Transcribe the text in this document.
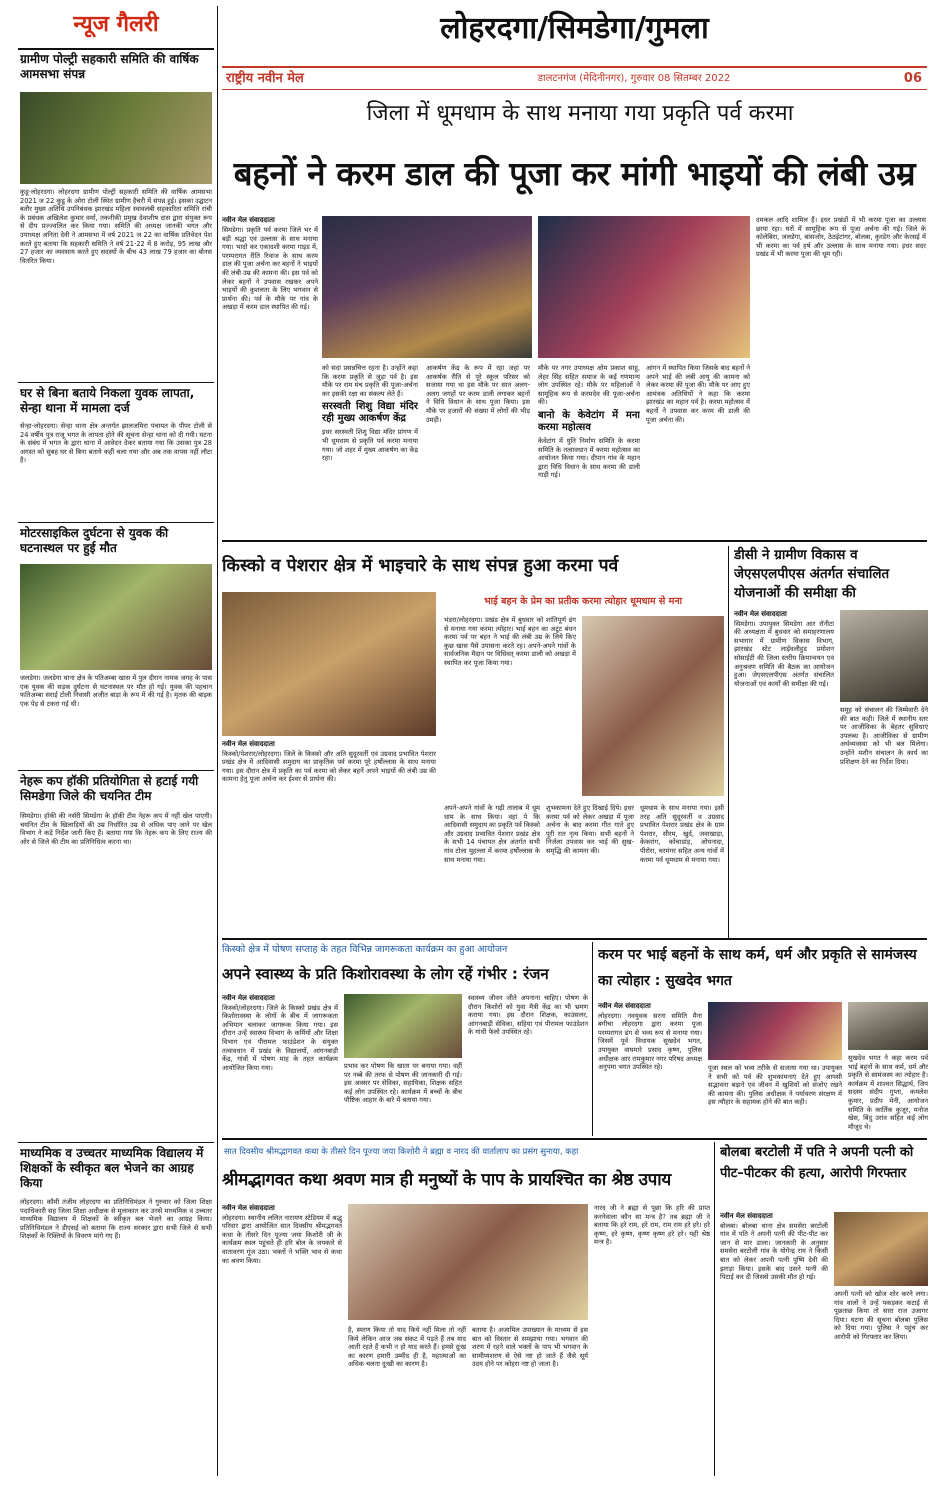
न्यूज गैलरी
ग्रामीण पोल्ट्री सहकारी समिति की वार्षिक आमसभा संपन्न
कुडू-लोहरदगा। लोहरदगा ग्रामीण पोल्ट्री सहकारी समिति की वार्षिक आमसभा 2021 ज 22 कुडू के ओरा टोली स्थित ग्रामीण हैचरी में संपन्न हुई। इसका उद्घाटन बतौर मुख्य अतिथि उपनिबंधक झारखंड महिला स्वावलंबी सहकारिता समिति रांची के प्रबंधक अखिलेश कुमार वर्मा, तकनीकी प्रमुख देवाशीष दास द्वारा संयुक्त रूप से दीप प्रज्ज्वलित कर किया गया। समिति की अध्यक्ष जानकी भगत और उपाध्यक्ष अनिता देवी ने आमसभा में वर्ष 2021 ज 22 का वार्षिक प्रतिवेदन पेश करते हुए बताया कि सहकारी समिति ने वर्ष 21-22 में 8 करोड़, 95 लाख और 27 हजार का व्यवसाय करते हुए सदस्यों के बीच 43 लाख 79 हजार का बोनस वितरित किया।
घर से बिना बताये निकला युवक लापता, सेन्हा थाना में मामला दर्ज
सेन्हा-लोहरदगा। सेन्हा थाना क्षेत्र अन्तर्गत झालजमिरा पंचायत के पीपर टोली से 24 वर्षीय पुत्र राजू भगत के लापता होने की सूचना सेन्हा थाना को दी गयी। घटना के संबंध में भगत के द्वारा थाना में आवेदन देकर बताया गया कि उसका पुत्र 28 अगस्त को सुबह घर से बिना बताये कहीं चला गया और अब तक वापस नहीं लौटा है।
मोटरसाइकिल दुर्घटना से युवक की घटनास्थल पर हुई मौत
जलडेगा। जलडेगा थाना क्षेत्र के पतिअम्बा खास में पुल दीरान नामक जगह के पास एक युवक की सड़क दुर्घटना से घटनास्थल पर मौत हो गई। युवक की पहचान फतिअम्बा सराई टोली निवासी अजीत बाड़ा के रूप में की गई है। मृतक की बाइक एक पेड़ से टकरा गई थी।
नेहरू कप हॉकी प्रतियोगिता से हटाई गयी सिमडेगा जिले की चयनित टीम
सिमडेगा। हॉकी की नर्सरी सिमडेगा के हॉकी टीम नेहरू कप में नहीं खेल पाएगी। चयनित टीम के खिलाड़ियों की उम्र निर्धारित उम्र से अधिक पाए जाने पर खेल विभाग ने कड़े निर्देश जारी किए हैं। बताया गया कि नेहरू कप के लिए राज्य की ओर से जिले की टीम का प्रतिनिधित्व करना था।
माध्यमिक व उच्चतर माध्यमिक विद्यालय में शिक्षकों के स्वीकृत बल भेजने का आग्रह किया
लोहरदगा। कौमी तंजीम लोहरदगा का प्रतिनिधिमंडल ने गुरुवार को जिला शिक्षा पदाधिकारी सह जिला शिक्षा अधीक्षक से मुलाकात कर उनसे माध्यमिक व उच्चतर माध्यमिक विद्यालय में शिक्षकों के स्वीकृत बल भेजने का आग्रह किया। प्रतिनिधिमंडल ने डीएसई को बताया कि राज्य सरकार द्वारा सभी जिले से सभी शिक्षकों के रिक्तियों के विवरण मांगे गए हैं।
लोहरदगा/सिमडेगा/गुमला
राष्ट्रीय नवीन मेल	डालटनगंज (मेदिनीनगर), गुरुवार 08 सितम्बर 2022	06
जिला में धूमधाम के साथ मनाया गया प्रकृति पर्व करमा
बहनों ने करम डाल की पूजा कर मांगी भाइयों की लंबी उम्र
नवीन मेल संवाददाता
सिमडेगा। प्रकृति पर्व करमा जिले भर में बड़ी श्रद्धा एवं उल्लास के साथ मनाया गया। भादो कर एकादशी करमा गाइड में, परम्परागत रीति रिवाज के साथ करम डाल की पूजा अर्चना कर बहनों ने भाइयों की लंबी उम्र की कामना की। इस पर्व को लेकर बहनों ने उपवास रखकर अपने भाइयों की कुशलता के लिए भगवान से प्रार्थना की। पर्व के मौके पर गांव के अखड़ा में करम डाल स्थापित की गई।

को सदा प्रसन्नचित्त रहना है। उन्होंने कहा कि करमा प्रकृति से जुड़ा पर्व है। इस मौके पर राम मंच प्रकृति की पूजा-अर्चना कर इसकी रक्षा का संकल्प लेते हैं।

सरस्वती शिशु विद्या मंदिर रही मुख्य आकर्षण केंद्र

इधर सरस्वती शिशु विद्या मंदिर प्रांगण में भी धूमधाम से प्रकृति पर्व करमा मनाया गया। जो शहर में मुख्य आकर्षण का केंद्र रहा।

आकर्षण केंद्र के रूप में रहा जहां पर आकर्षक रीति से पूरे स्कूल परिसर को सजाया गया था इस मौके पर सात अलग-अलग जगहों पर करम डाली लगाकर बहनों ने विधि विधान के साथ पूजा किया। इस मौके पर हजारों की संख्या में लोगों की भीड़ उमड़ी।

मौके पर नगर उपाध्यक्ष ओम प्रकाश साहू, लेहर सिंह सहित समाज के कई गणमान्य लोग उपस्थित रहे। मौके पर महिलाओं ने सामूहिक रूप से करमदेव की पूजा-अर्चना की।

बानो के केवेटांग में मना करमा महोत्सव

केवेटांग में युति निर्माण समिति के करमा समिति के तत्वावधान में करमा महोत्सव का आयोजन किया गया। दीपान गांव के महान द्वारा विधि विधान के साथ करमा की डाली गाड़ी गई।

आंगन में स्थापित किया जिसके बाद बहनों ने अपने भाई की लंबी आयु की कामना को लेकर करमा की पूजा की। मौके पर आए हुए आमंत्रक अतिथियों ने कहा कि करमा झारखंड का महान पर्व है। करमा महोत्सव में बहनों ने उपवास कर करम की डाली की पूजा अर्चना की।
दमकल आदि शामिल हैं। इधर प्रखंडों में भी करमा पूजा का उल्लास छाया रहा। घरों में सामूहिक रूप से पूजा अर्चना की गई। जिले के कोलेबिरा, जलडेगा, बांसजोर, ठेठईटांगर, बोलबा, कुरडेग और केरसई में भी करमा का पर्व हर्ष और उल्लास के साथ मनाया गया। इधर सदर प्रखंड में भी करमा पूजा की धूम रही।
किस्को व पेशरार क्षेत्र में भाइचारे के साथ संपन्न हुआ करमा पर्व
भाई बहन के प्रेम का प्रतीक करमा त्योहार धूमधाम से मना
नवीन मेल संवाददाता
किस्को/पेशरार/लोहरदगा। जिले के किस्को और अति सुदूरवर्ती एवं उग्रवाद प्रभावित पेशरार प्रखंड क्षेत्र में आदिवासी समुदाय का प्राकृतिक पर्व करमा पूरे हर्षोल्लास के साथ मनाया गया। इस दौरान क्षेत्र में प्रकृति का पर्व करमा को लेकर बहनें अपने भाइयों की लंबी उम्र की कामना हेतु पूजा अर्चना कर ईश्वर से प्रार्थना की।
भंडरा/लोहरदगा। प्रखंड क्षेत्र में बुधवार को शांतिपूर्ण ढंग से मनाया गया करमा त्योहार। भाई बहन का अटूट बंधन करमा पर्व पर बहन ने भाई की लंबी उम्र के लिये किए कुछ खास पैसे उपासना करते रह। अपने-अपने गांवों के सार्वजनिक मैदान पर विधिवत् करमा डाली को अखड़ा में स्थापित कर पूजा किया गया।
अपने-अपने गांवों के गढ़ी तालाब में धूम धाम के साथ किया। वहां पे कि आदिवासी समुदाय का प्रकृति पर्व किस्को और उग्रवाद प्रभावित पेशरार प्रखंड क्षेत्र के सभी 14 पंचायत क्षेत्र अंतर्गत सभी गांव टोला मुहल्ला में करमा हर्षोल्लास के साथ मनाया गया।
शुभकामना देते हुए दिखाई दिये। इधर करमा पर्व को लेकर अखड़ा में पूजा अर्चना के बाद करमा गीत गाते हुए पूरी रात नृत्य किया। सभी बहनों ने निर्जला उपवास कर भाई की सुख-समृद्धि की कामना की।
धूमधाम के साथ मनाया गया। इसी तरह अति सुदूरवर्ती व उग्रवाद प्रभावित पेशरार प्रखंड क्षेत्र के ग्राम पेशरार, सीरम, खुर्द, जवाखाड़ा, केकरांग, कोचाडांड़, ओयनादा, पीरोरा, चरमंगर सहित अन्य गांवों में करमा पर्व धूमधाम से मनाया गया।
डीसी ने ग्रामीण विकास व जेएसएलपीएस अंतर्गत संचालित योजनाओं की समीक्षा की
नवीन मेल संवाददाता
सिमडेगा। उपायुक्त सिमडेगा आर रॉनीटा की अध्यक्षता में बुधवार को समाहरणालय सभागार में ग्रामीण विकास विभाग, झारखंड स्टेट लाईवलीहुड प्रमोशन सोसाईटी की जिला स्तरीय क्रियान्वयन एवं अनुश्रवण समिति की बैठक का आयोजन हुआ। जेएसएलपीएस अंतर्गत संचालित योजनाओं एवं कार्यों की समीक्षा की गई।
समूह को संचालन की जिम्मेवारी देने की बात कही। जिले में स्थानीय स्तर पर आजीविका के बेहतर सुविधाएं उपलब्ध है। आजीविका से ग्रामीण अर्थव्यवस्था को भी बल मिलेगा। उन्होंने मशीन संचालन के कार्य का प्रशिक्षण देने का निर्देश दिया।
किस्को क्षेत्र में पोषण सप्ताह के तहत विभिन्न जागरूकता कार्यक्रम का हुआ आयोजन
अपने स्वास्थ्य के प्रति किशोरावस्था के लोग रहें गंभीर : रंजन
नवीन मेल संवाददाता
किस्को/लोहरदगा। जिले के किस्को प्रखंड क्षेत्र में किशोरावस्था के लोगों के बीच में जागरूकता अभियान चलाकर जागरूक किया गया। इस दौरान उन्हें स्वास्थ्य विभाग के कर्मियों और शिक्षा विभाग एवं पीरामल फाउंडेशन के संयुक्त तत्वावधान में प्रखंड के विद्यालयों, आंगनबाड़ी केंद्र, गांवों में पोषण माह के तहत कार्यक्रम आयोजित किया गया।	प्रभाव कर पोषण कि खाता पर बनाया गया। वहीं पर नब्बे की तरफ से पोषण की जानकारी दी गई। इस अवसर पर सेविका, सहायिका, शिक्षक सहित कई लोग उपस्थित रहे। कार्यक्रम में बच्चों के बीच पौष्टिक आहार के बारे में बताया गया।
स्वास्थ्य जीवन जीते अपनाना चाहिए। पोषण के दौरान किशोरों को युवा मैत्री केंद्र का भी भ्रमण कराया गया। इस दौरान शिक्षक, काउंसलर, आंगनबाड़ी सेविका, सहिया एवं पीरामल फाउंडेशन के गांधी फेलो उपस्थित रहे।
करम पर भाई बहनों के साथ कर्म, धर्म और प्रकृति से सामंजस्य का त्योहार : सुखदेव भगत
नवीन मेल संवाददाता
लोहरदगा। नवयुवक सरना समिति मैना बगीचा लोहरदगा द्वारा करमा पूजा परम्परागत ढंग से भव्य रूप से मनाया गया। जिसमें पूर्व विधायक सुखदेव भगत, उपायुक्त वाघमारे प्रसाद कृष्ण, पुलिस अधीक्षक आर रामकुमार नगर परिषद अध्यक्ष अनुपमा भगत उपस्थित रहे।	पूजा स्थल को भव्य तरीके से सजाया गया था। उपायुक्त ने सभी को पर्व की शुभकामनाएं देते हुए आपसी सद्भावना बढ़ाने एवं जीवन में खुशियों को संजोए रखने की कामना की। पुलिस अधीक्षक ने पर्यावरण संरक्षण में इस त्यौहार के सहायक होने की बात कही।
सुखदेव भगत ने कहा करम पर्व भाई बहनों के साथ कर्म, धर्म और प्रकृति से सामंजस्य का त्योहार है। कार्यक्रम में शाश्वत सिद्धार्थ, जिप सदस्य संदीप गुप्ता, कमलेश कुमार, प्रदीप मेनी, आयोजन समिति के कार्तिक कुजूर, मनोज खेस, बिंदु उरांव सहित कई लोग मौजूद थे।
सात दिवसीय श्रीमद्भागवत कथा के तीसरे दिन पूज्या जया किशोरी ने ब्रह्मा व नारद की वार्तालाप का प्रसंग सुनाया, कहा
श्रीमद्भागवत कथा श्रवण मात्र ही मनुष्यों के पाप के प्रायश्चित का श्रेष्ठ उपाय
नवीन मेल संवाददाता
लोहरदगा। स्थानीय ललित नारायण स्टेडियम में श्रद्धु परिवार द्वारा आयोजित सात दिवसीय श्रीमद्भगवत कथा के तीसरे दिन पूज्या जया किशोरी जी के कार्यक्रम स्थल पहुंचते ही हरि बोल के जयकारे से वातावरण गूंज उठा। भक्तों ने भक्ति भाव से कथा का श्रवण किया।
है, स्मरण किया तो याद किये नहीं मिला तो नहीं किये लेकिन आज जब संकट में पड़ते हैं तब याद आती रहते हैं कभी न हो याद करते हैं। हमसे दुःख का कारण हमारी उम्मीद ही है, महात्माओं का अधिक चलना दुःखी का कारण है।
बताया है। अजामिल उपाख्यान के माध्यम से इस बात को विस्तार से समझाया गया। भगवान की शरण में रहने वाले भक्तों के पाप भी भगवान के सामीप्यशरण से ऐसे नष्ट हो जाते हैं जैसे सूर्य उदय होने पर कोहरा नष्ट हो जाता है।
नारद जी ने ब्रह्मा से पूछा कि हरि की प्राप्त करनेवाला कौन सा मन्त्र है? तब ब्रह्मा जी ने बताया कि हरे राम, हरे राम, राम राम हरे हरे। हरे कृष्ण, हरे कृष्ण, कृष्ण कृष्ण हरे हरे। यही श्रेष्ठ मन्त्र है।
बोलबा बरटोली में पति ने अपनी पत्नी को पीट–पीटकर की हत्या, आरोपी गिरफ्तार
नवीन मेल संवाददाता
बोलबा। बोलबा थाना क्षेत्र समसेरा बरटोली गांव में पति ने अपनी पत्नी की पीट-पीट कर जान से मार डाला। जानकारी के अनुसार समसेरा बरटोली गांव के योगेन्द्र राय ने किसी बात को लेकर अपनी पत्नी पुष्पि देवी की झगड़ा किया। इसके बाद उसने पत्नी की पिटाई कर दी जिससे उसकी मौत हो गई।
अपनी पत्नी को खोज शोर करने लगा। गांव वालों ने उन्हें पकड़कर कटाई से पूछताछ किया तो सारा राज उजागर दिया। घटना की सूचना बोलबा पुलिस को दिया गया। पुलिस ने पहुंच कर आरोपी को गिरफ्तार कर लिया।
